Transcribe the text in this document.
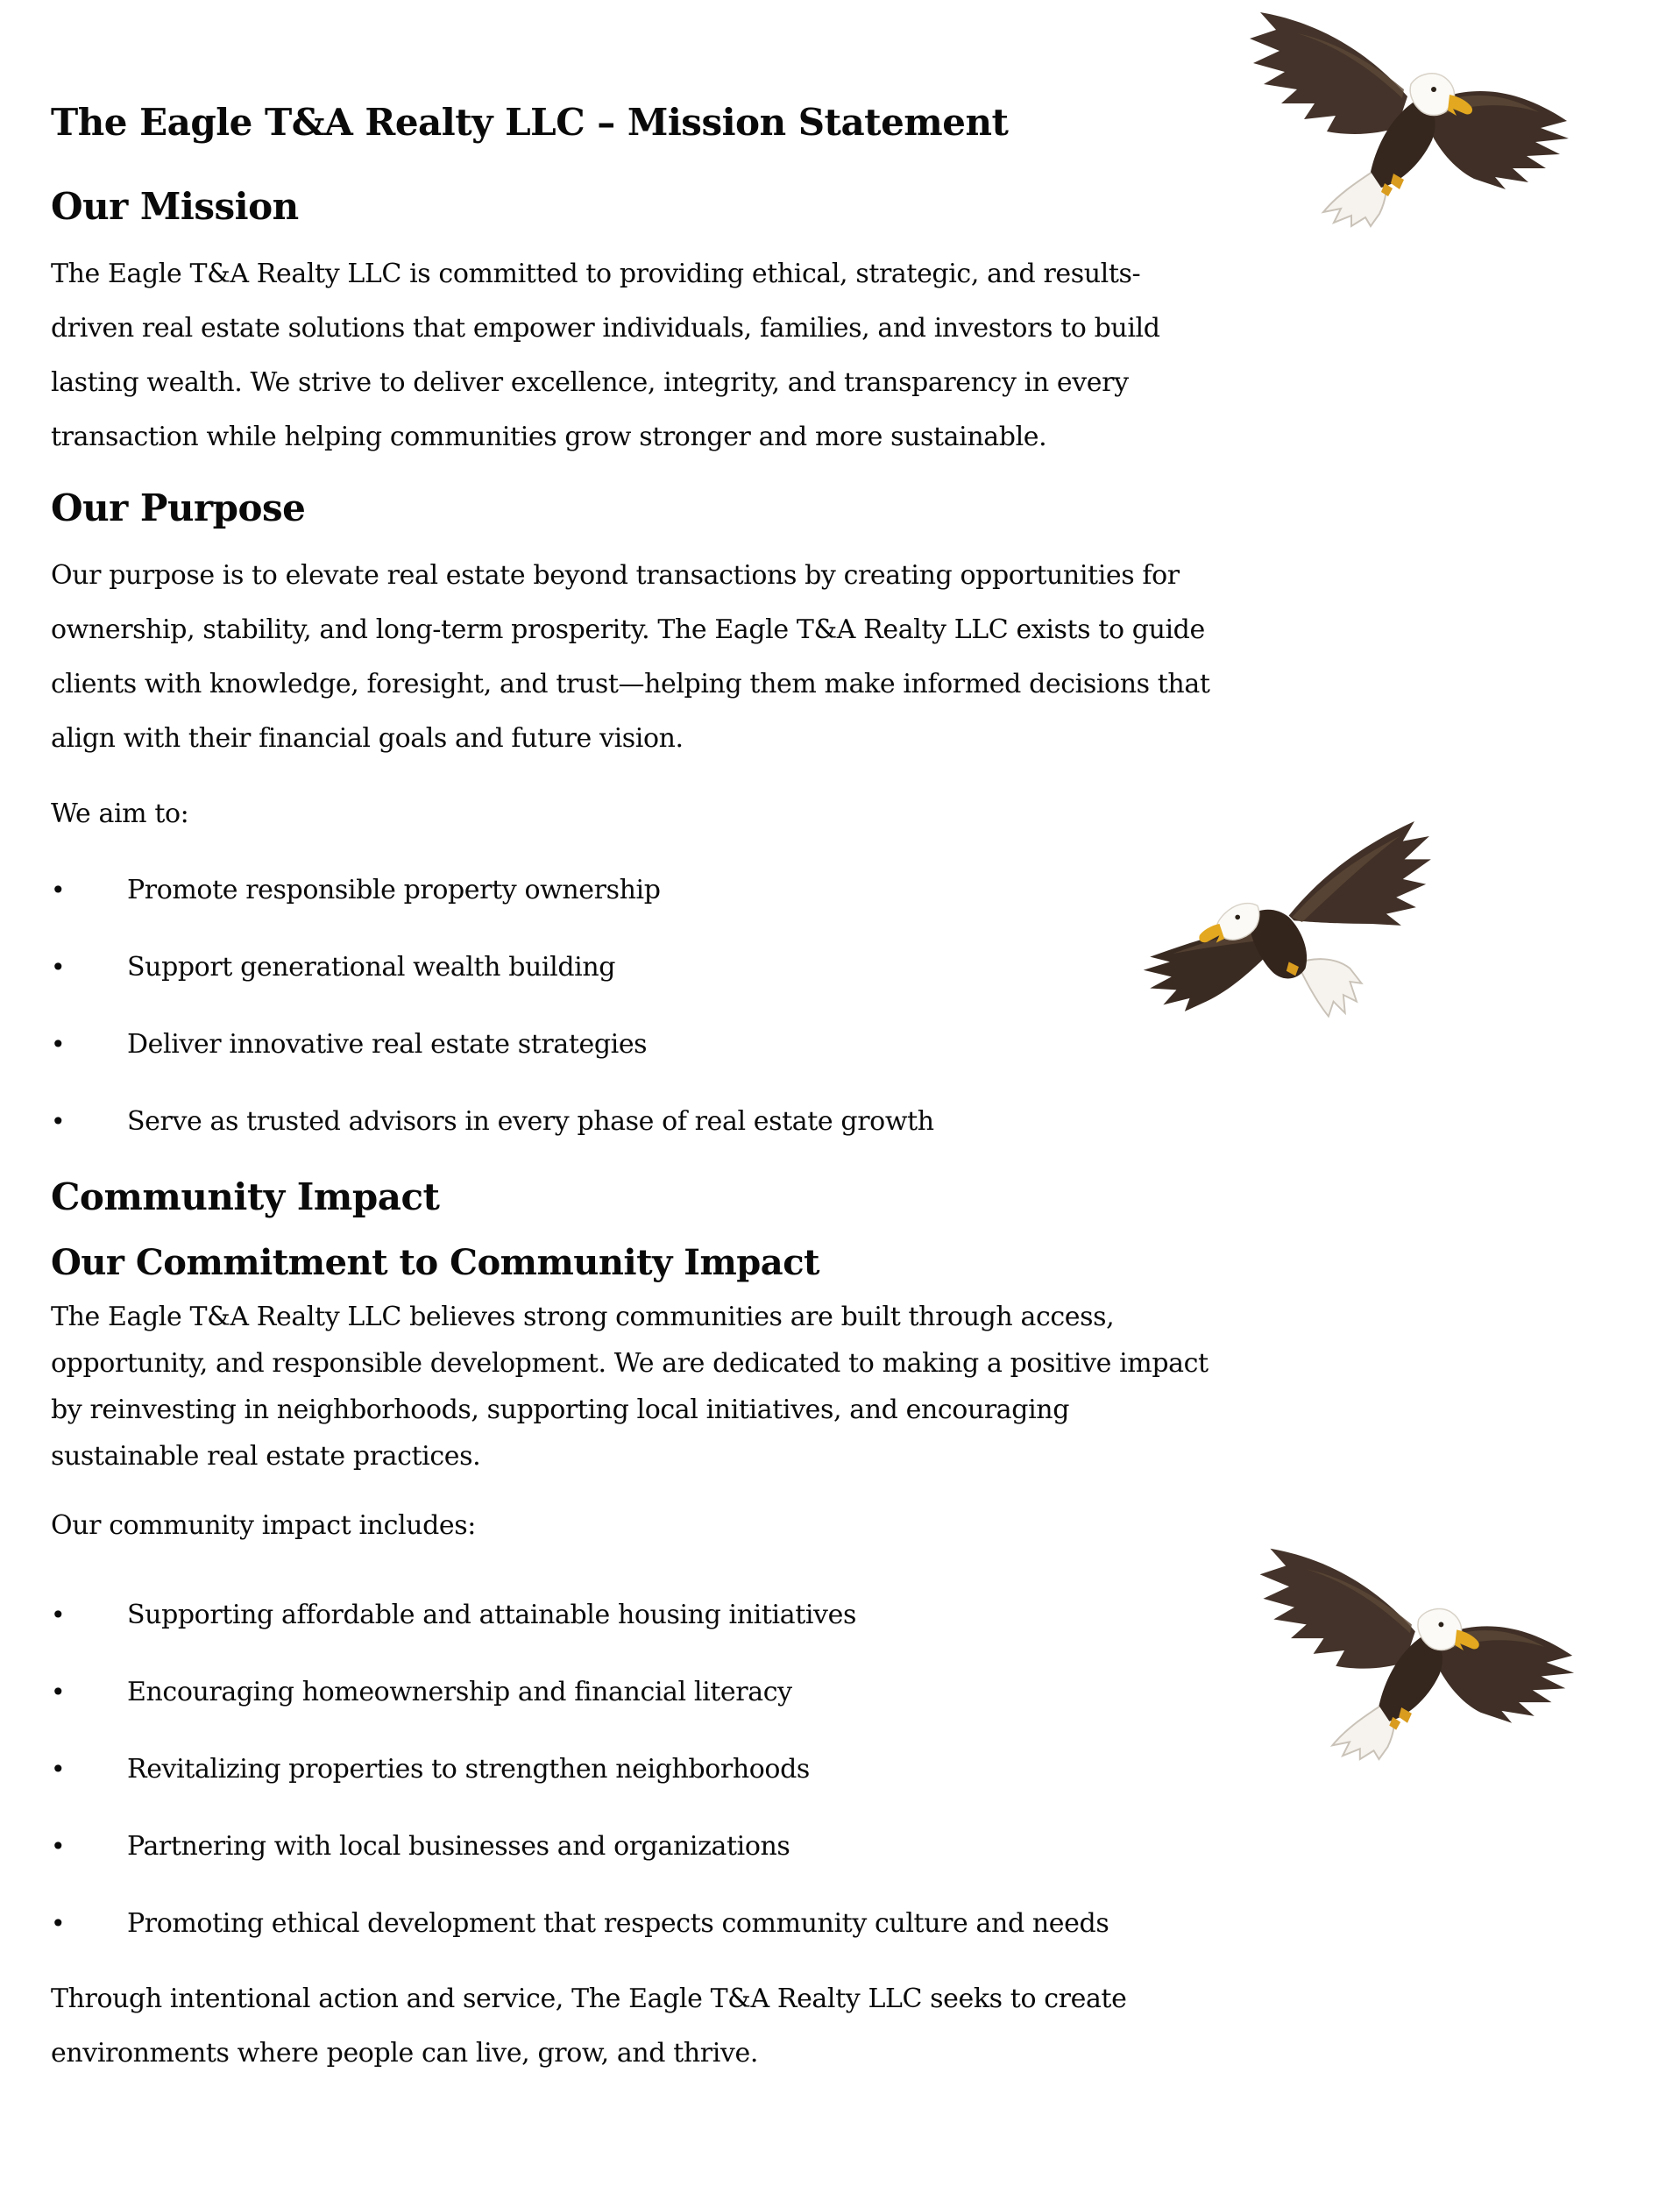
The Eagle T&A Realty LLC – Mission Statement
Our Mission
The Eagle T&A Realty LLC is committed to providing ethical, strategic, and results-
driven real estate solutions that empower individuals, families, and investors to build
lasting wealth. We strive to deliver excellence, integrity, and transparency in every
transaction while helping communities grow stronger and more sustainable.
Our Purpose
Our purpose is to elevate real estate beyond transactions by creating opportunities for
ownership, stability, and long-term prosperity. The Eagle T&A Realty LLC exists to guide
clients with knowledge, foresight, and trust—helping them make informed decisions that
align with their financial goals and future vision.
We aim to:
• Promote responsible property ownership
• Support generational wealth building
• Deliver innovative real estate strategies
• Serve as trusted advisors in every phase of real estate growth
Community Impact
Our Commitment to Community Impact
The Eagle T&A Realty LLC believes strong communities are built through access,
opportunity, and responsible development. We are dedicated to making a positive impact
by reinvesting in neighborhoods, supporting local initiatives, and encouraging
sustainable real estate practices.
Our community impact includes:
• Supporting affordable and attainable housing initiatives
• Encouraging homeownership and financial literacy
• Revitalizing properties to strengthen neighborhoods
• Partnering with local businesses and organizations
• Promoting ethical development that respects community culture and needs
Through intentional action and service, The Eagle T&A Realty LLC seeks to create
environments where people can live, grow, and thrive.
